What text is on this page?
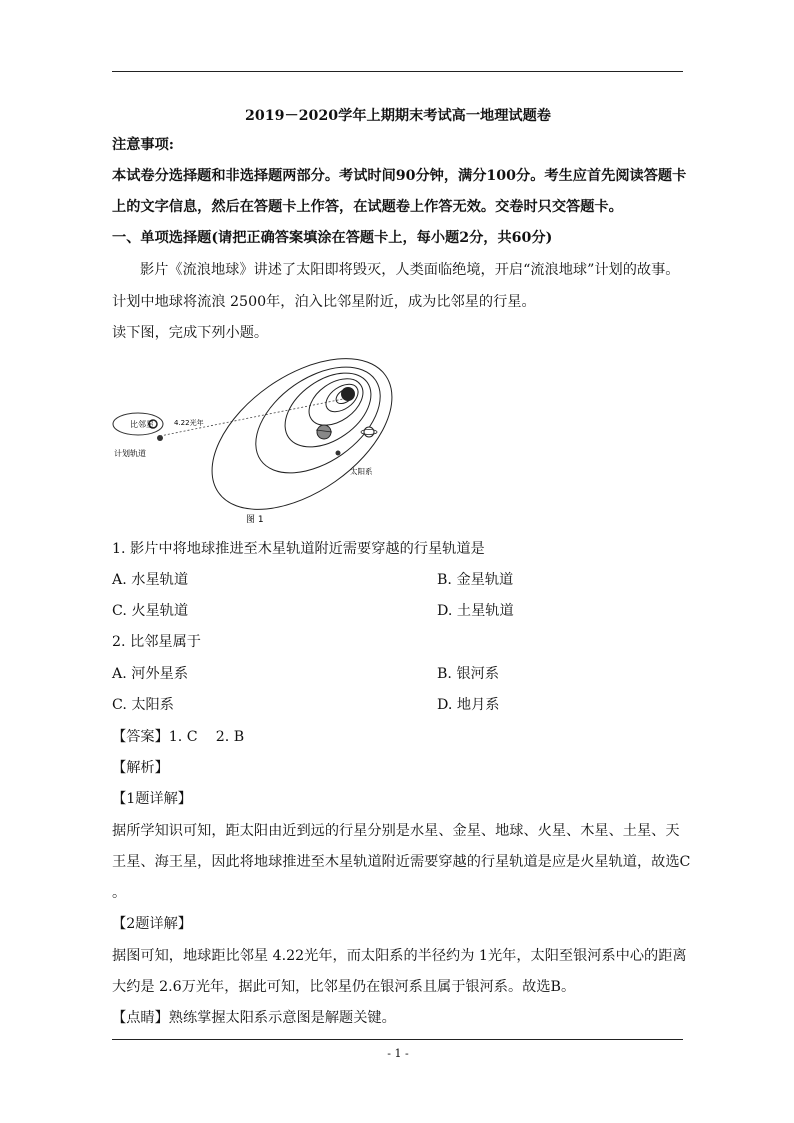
2019－2020学年上期期末考试高一地理试题卷
注意事项:
本试卷分选择题和非选择题两部分。考试时间90分钟，满分100分。考生应首先阅读答题卡
上的文字信息，然后在答题卡上作答，在试题卷上作答无效。交卷时只交答题卡。
一、单项选择题(请把正确答案填涂在答题卡上，每小题2分，共60分)
影片《流浪地球》讲述了太阳即将毁灭，人类面临绝境，开启“流浪地球”计划的故事。
计划中地球将流浪 2500年，泊入比邻星附近，成为比邻星的行星。
读下图，完成下列小题。
比邻星	4.22光年
计划轨道
太阳系
图 1
1. 影片中将地球推进至木星轨道附近需要穿越的行星轨道是
A. 水星轨道	B. 金星轨道
C. 火星轨道	D. 土星轨道
2. 比邻星属于
A. 河外星系	B. 银河系
C. 太阳系	D. 地月系
【答案】1. C    2. B
【解析】
【1题详解】
据所学知识可知，距太阳由近到远的行星分别是水星、金星、地球、火星、木星、土星、天
王星、海王星，因此将地球推进至木星轨道附近需要穿越的行星轨道是应是火星轨道，故选C
。
【2题详解】
据图可知，地球距比邻星 4.22光年，而太阳系的半径约为 1光年，太阳至银河系中心的距离
大约是 2.6万光年，据此可知，比邻星仍在银河系且属于银河系。故选B。
【点睛】熟练掌握太阳系示意图是解题关键。
- 1 -
